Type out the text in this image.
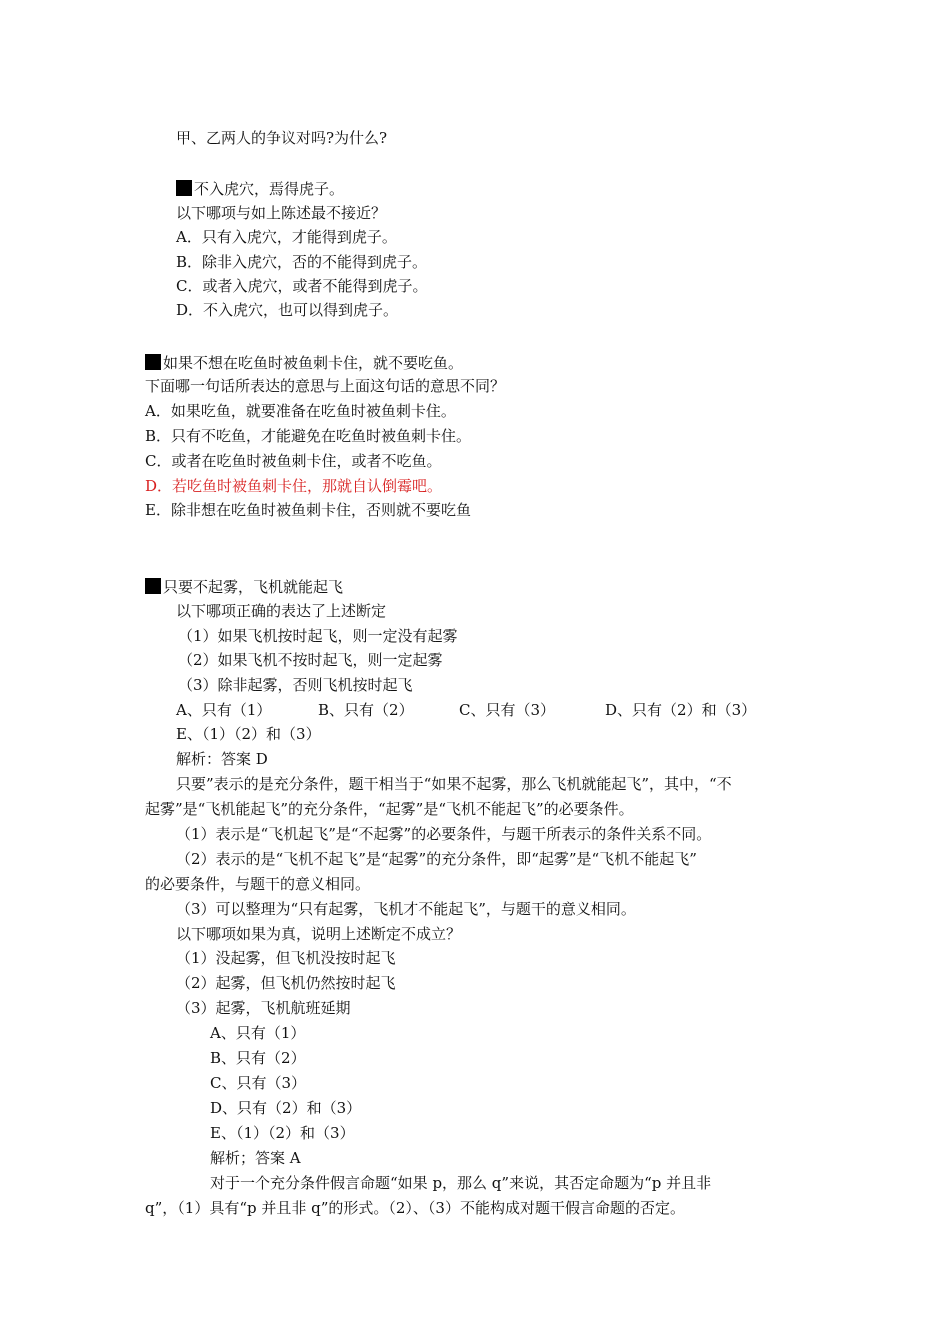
甲、乙两人的争议对吗?为什么?
不入虎穴，焉得虎子。
以下哪项与如上陈述最不接近？
A．只有入虎穴，才能得到虎子。
B．除非入虎穴，否的不能得到虎子。
C．或者入虎穴，或者不能得到虎子。
D．不入虎穴，也可以得到虎子。
如果不想在吃鱼时被鱼刺卡住，就不要吃鱼。
下面哪一句话所表达的意思与上面这句话的意思不同？
A．如果吃鱼，就要准备在吃鱼时被鱼刺卡住。
B．只有不吃鱼，才能避免在吃鱼时被鱼刺卡住。
C．或者在吃鱼时被鱼刺卡住，或者不吃鱼。
D．若吃鱼时被鱼刺卡住，那就自认倒霉吧。
E．除非想在吃鱼时被鱼刺卡住，否则就不要吃鱼
只要不起雾，飞机就能起飞
以下哪项正确的表达了上述断定
（1）如果飞机按时起飞，则一定没有起雾
（2）如果飞机不按时起飞，则一定起雾
（3）除非起雾，否则飞机按时起飞
A、只有（1）	B、只有（2）	C、只有（3）	D、只有（2）和（3）
E、（1）（2）和（3）
解析：答案 D
只要”表示的是充分条件，题干相当于“如果不起雾，那么飞机就能起飞”，其中，“不
起雾”是“飞机能起飞”的充分条件，“起雾”是“飞机不能起飞”的必要条件。
（1）表示是“飞机起飞”是“不起雾”的必要条件，与题干所表示的条件关系不同。
（2）表示的是“飞机不起飞”是“起雾”的充分条件，即“起雾”是“飞机不能起飞”
的必要条件，与题干的意义相同。
（3）可以整理为“只有起雾，飞机才不能起飞”，与题干的意义相同。
以下哪项如果为真，说明上述断定不成立？
（1）没起雾，但飞机没按时起飞
（2）起雾，但飞机仍然按时起飞
（3）起雾，飞机航班延期
A、只有（1）
B、只有（2）
C、只有（3）
D、只有（2）和（3）
E、（1）（2）和（3）
解析；答案 A
对于一个充分条件假言命题“如果 p，那么 q”来说，其否定命题为“p 并且非
q”，（1）具有“p 并且非 q”的形式。（2）、（3）不能构成对题干假言命题的否定。
